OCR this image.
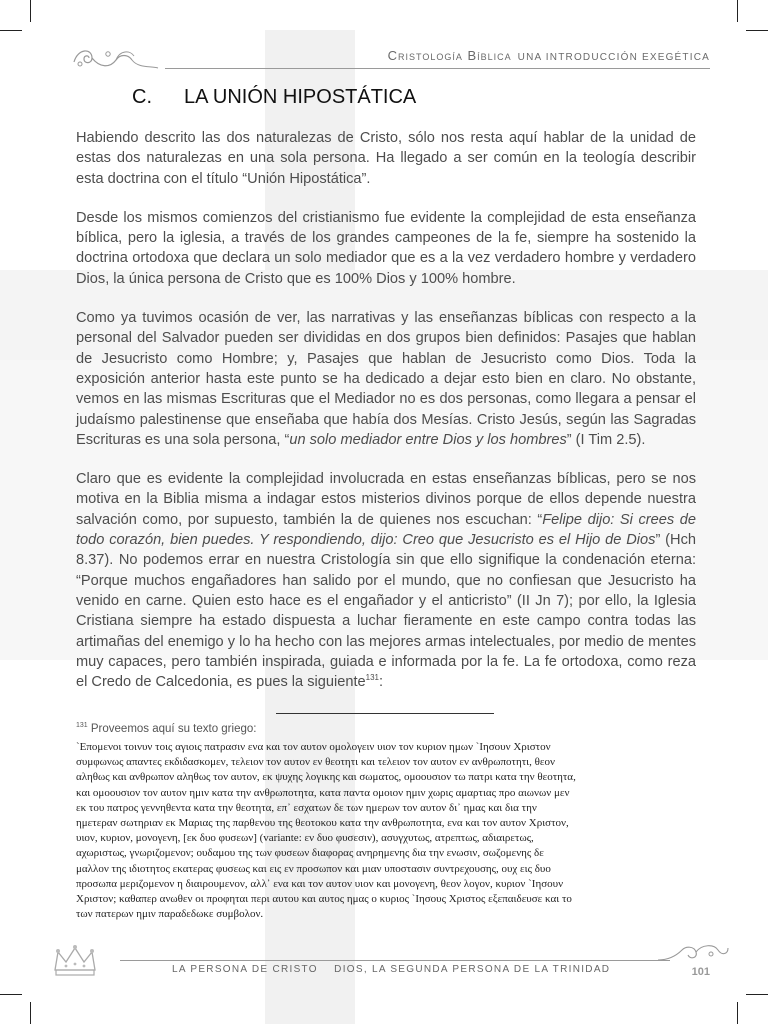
Cristología Bíblica UNA INTRODUCCIÓN EXEGÉTICA
C. LA UNIÓN HIPOSTÁTICA

Habiendo descrito las dos naturalezas de Cristo, sólo nos resta aquí hablar de la unidad de estas dos naturalezas en una sola persona. Ha llegado a ser común en la teología describir esta doctrina con el título “Unión Hipostática”.

Desde los mismos comienzos del cristianismo fue evidente la complejidad de esta enseñanza bíblica, pero la iglesia, a través de los grandes campeones de la fe, siempre ha sostenido la doctrina ortodoxa que declara un solo mediador que es a la vez verdadero hombre y verdadero Dios, la única persona de Cristo que es 100% Dios y 100% hombre.

Como ya tuvimos ocasión de ver, las narrativas y las enseñanzas bíblicas con respecto a la personal del Salvador pueden ser divididas en dos grupos bien definidos: Pasajes que hablan de Jesucristo como Hombre; y, Pasajes que hablan de Jesucristo como Dios. Toda la exposición anterior hasta este punto se ha dedicado a dejar esto bien en claro. No obstante, vemos en las mismas Escrituras que el Mediador no es dos personas, como llegara a pensar el judaísmo palestinense que enseñaba que había dos Mesías. Cristo Jesús, según las Sagradas Escrituras es una sola persona, “un solo mediador entre Dios y los hombres” (I Tim 2.5).

Claro que es evidente la complejidad involucrada en estas enseñanzas bíblicas, pero se nos motiva en la Biblia misma a indagar estos misterios divinos porque de ellos depende nuestra salvación como, por supuesto, también la de quienes nos escuchan: “Felipe dijo: Si crees de todo corazón, bien puedes. Y respondiendo, dijo: Creo que Jesucristo es el Hijo de Dios” (Hch 8.37). No podemos errar en nuestra Cristología sin que ello signifique la condenación eterna: “Porque muchos engañadores han salido por el mundo, que no confiesan que Jesucristo ha venido en carne. Quien esto hace es el engañador y el anticristo” (II Jn 7); por ello, la Iglesia Cristiana siempre ha estado dispuesta a luchar fieramente en este campo contra todas las artimañas del enemigo y lo ha hecho con las mejores armas intelectuales, por medio de mentes muy capaces, pero también inspirada, guiada e informada por la fe. La fe ortodoxa, como reza el Credo de Calcedonia, es pues la siguiente$^{131}$:

$^{131}$ Proveemos aquí su texto griego:
`Επομενοι τοινυν τοις αγιοις πατρασιν ενα και τον αυτον ομολογειν υιον τον κυριον ημων `Ιησουν Χριστον
συμφωνως απαντες εκδιδασκομεν, τελειον τον αυτον εν θεοτητι και τελειον τον αυτον εν ανθρωποτητι, θεον
αληθως και ανθρωπον αληθως τον αυτον, εκ ψυχης λογικης και σωματος, ομοουσιον τω πατρι κατα την θεοτητα,
και ομοουσιον τον αυτον ημιν κατα την ανθρωποτητα, κατα παντα ομοιον ημιν χωρις αμαρτιας προ αιωνων μεν
εκ του πατρος γεννηθεντα κατα την θεοτητα, επ᾽ εσχατων δε των ημερων τον αυτον δι᾽ ημας και δια την
ημετεραν σωτηριαν εκ Μαριας της παρθενου της θεοτοκου κατα την ανθρωποτητα, ενα και τον αυτον Χριστον,
υιον, κυριον, μονογενη, [εκ δυο φυσεων] (variante: εν δυο φυσεσιν), ασυγχυτως, ατρεπτως, αδιαιρετως,
αχωριστως, γνωριζομενον; ουδαμου της των φυσεων διαφορας ανηρημενης δια την ενωσιν, σωζομενης δε
μαλλον της ιδιοτητος εκατερας φυσεως και εις εν προσωπον και μιαν υποστασιν συντρεχουσης, ουχ εις δυο
προσωπα μεριζομενον η διαιρουμενον, αλλ᾽ ενα και τον αυτον υιον και μονογενη, θεον λογον, κυριον `Ιησουν
Χριστον; καθαπερ ανωθεν οι προφηται περι αυτου και αυτος ημας ο κυριος `Ιησους Χριστος εξεπαιδευσε και το
των πατερων ημιν παραδεδωκε συμβολον.
LA PERSONA DE CRISTO    DIOS, LA SEGUNDA PERSONA DE LA TRINIDAD	101
